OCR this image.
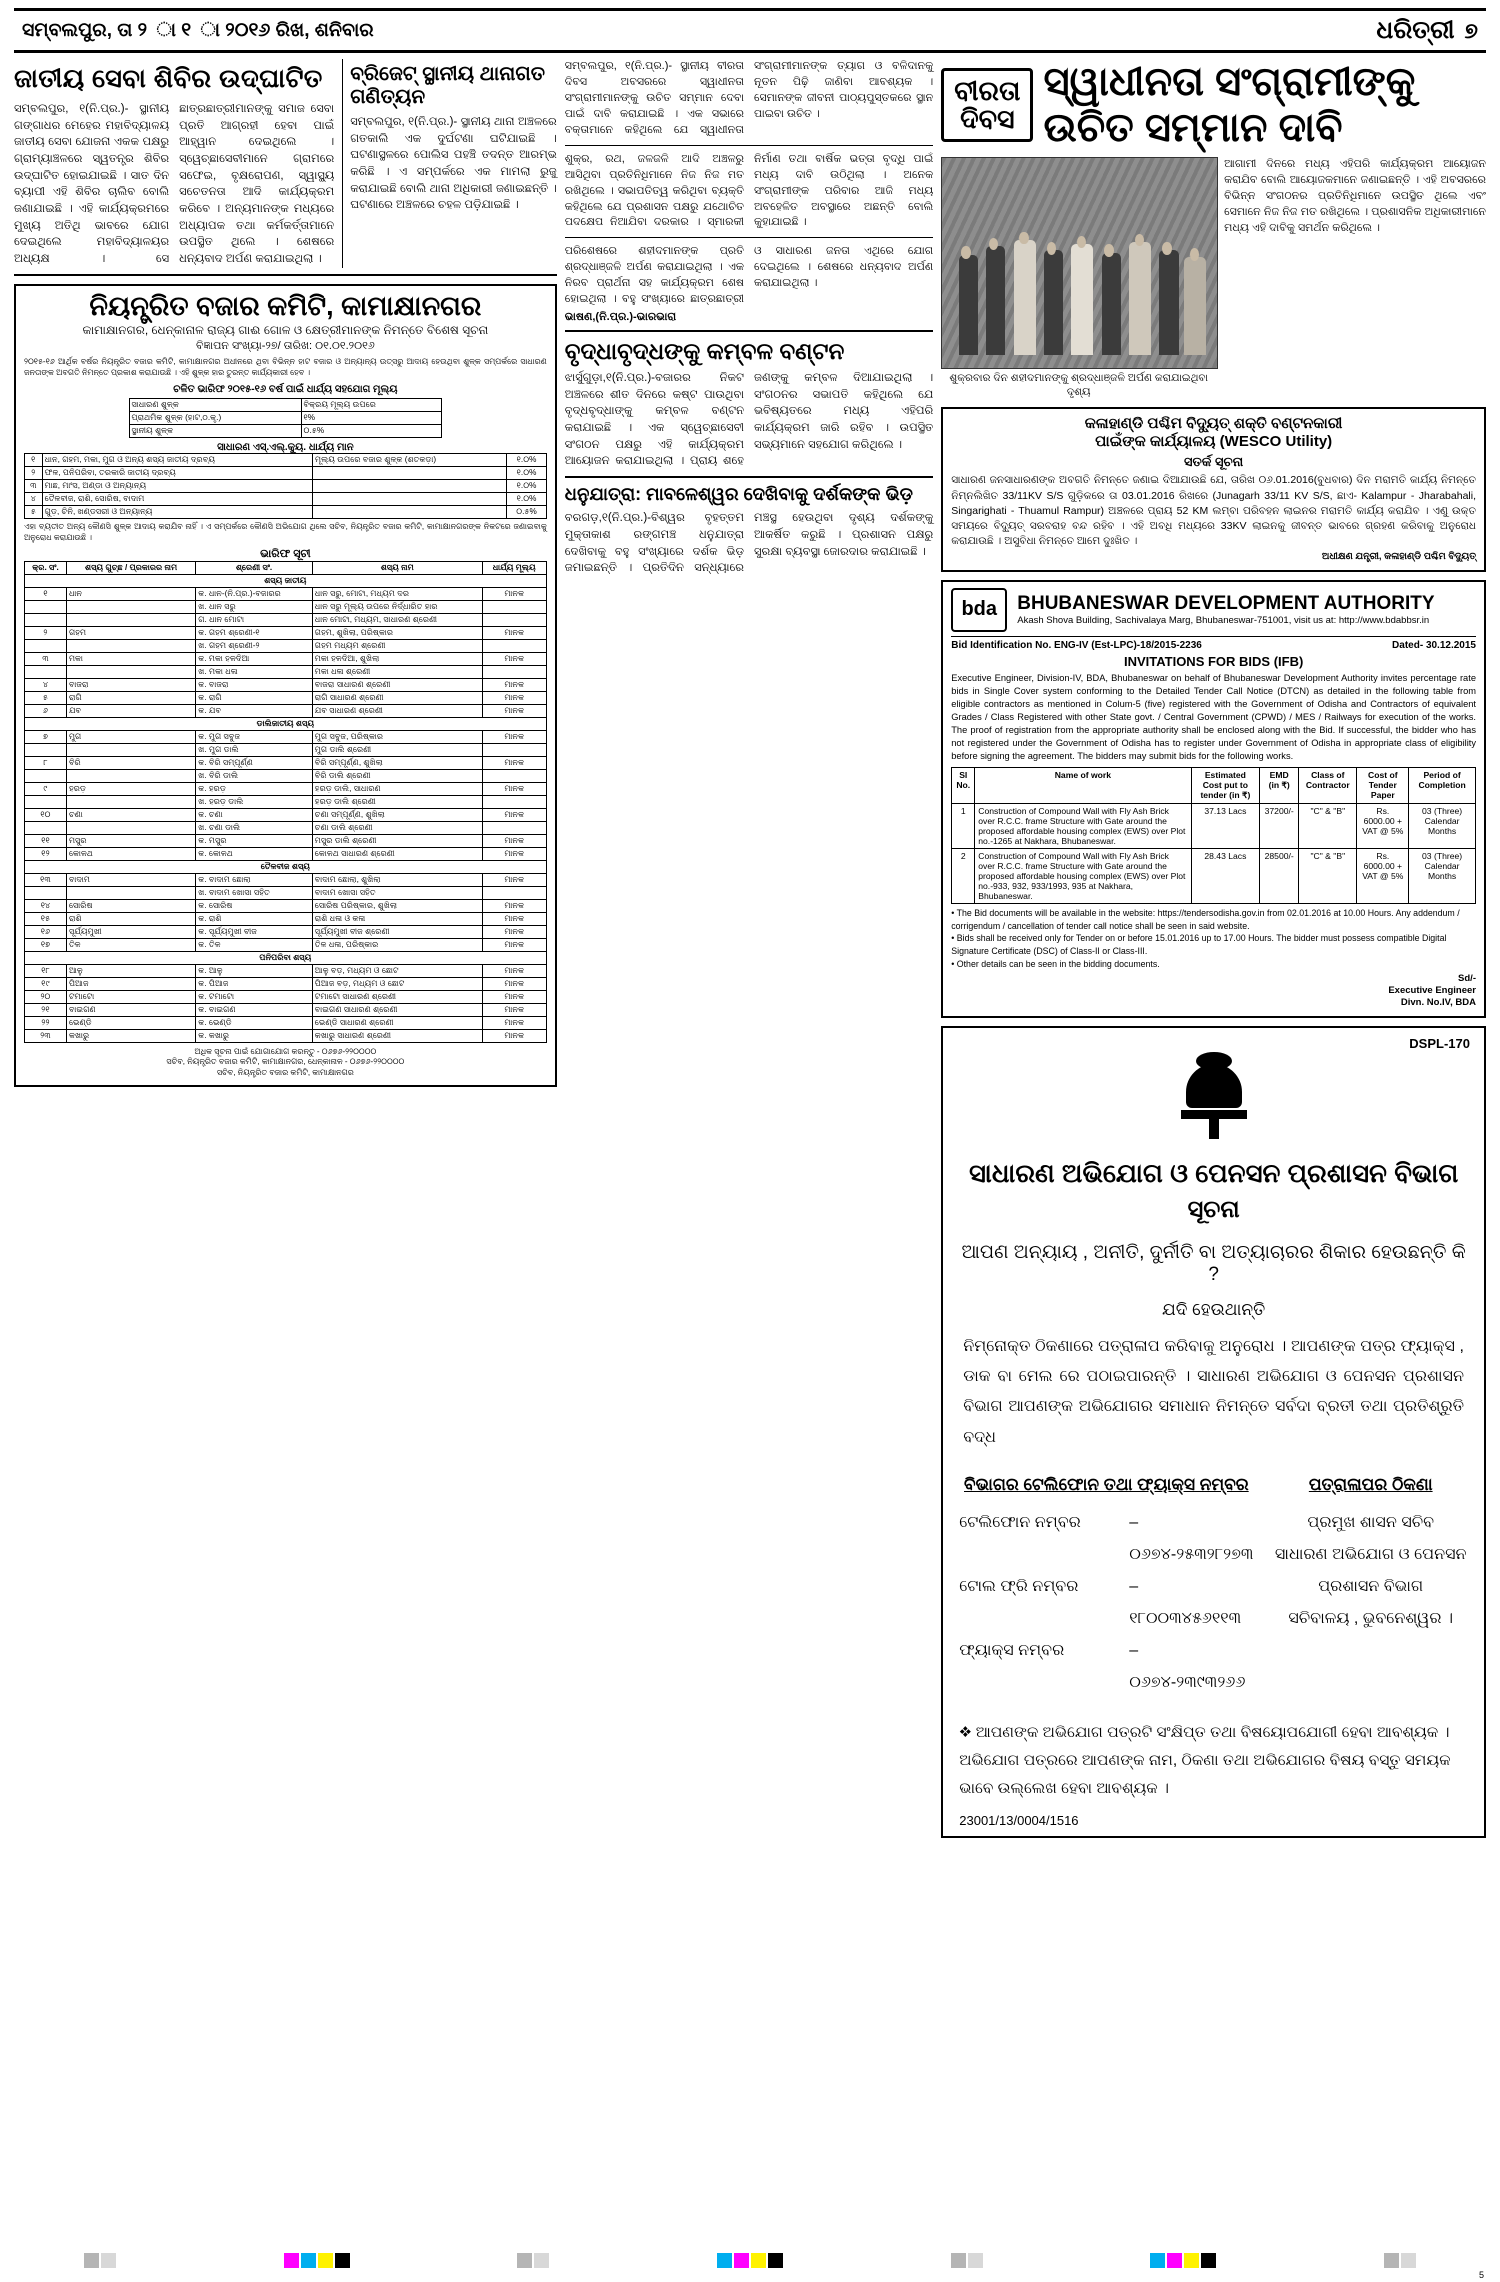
ସମ୍ବଲପୁର, ତା ୨ ା ୧ ା ୨୦୧୬ ରିଖ, ଶନିବାର	ଧରିତ୍ରୀ ୭
ଜାତୀୟ ସେବା ଶିବିର ଉଦ୍‌ଘାଟିତ
ସମ୍ବଲପୁର, ୧(ନି.ପ୍ର.)- ସ୍ଥାନୀୟ ଗଙ୍ଗାଧର ମେହେର ମହାବିଦ୍ୟାଳୟ ଜାତୀୟ ସେବା ଯୋଜନା ଏକକ ପକ୍ଷରୁ ଗ୍ରାମ୍ୟାଞ୍ଚଳରେ ସ୍ୱତନ୍ତ୍ର ଶିବିର ଉଦ୍‌ଘାଟିତ ହୋଇଯାଇଛି । ସାତ ଦିନ ବ୍ୟାପୀ ଏହି ଶିବିର ଚାଲିବ ବୋଲି ଜଣାଯାଇଛି । ଏହି କାର୍ଯ୍ୟକ୍ରମରେ ମୁଖ୍ୟ ଅତିଥି ଭାବରେ ଯୋଗ ଦେଇଥିଲେ ମହାବିଦ୍ୟାଳୟର ଅଧ୍ୟକ୍ଷ । ସେ ଛାତ୍ରଛାତ୍ରୀମାନଙ୍କୁ ସମାଜ ସେବା ପ୍ରତି ଆଗ୍ରହୀ ହେବା ପାଇଁ ଆହ୍ୱାନ ଦେଇଥିଲେ । ସ୍ୱେଚ୍ଛାସେବୀମାନେ ଗ୍ରାମରେ ସଫେଇ, ବୃକ୍ଷରୋପଣ, ସ୍ୱାସ୍ଥ୍ୟ ସଚେତନତା ଆଦି କାର୍ଯ୍ୟକ୍ରମ କରିବେ । ଅନ୍ୟମାନଙ୍କ ମଧ୍ୟରେ ଅଧ୍ୟାପକ ତଥା କର୍ମକର୍ତ୍ତାମାନେ ଉପସ୍ଥିତ ଥିଲେ । ଶେଷରେ ଧନ୍ୟବାଦ ଅର୍ପଣ କରାଯାଇଥିଲା ।
ବ୍ରିଜେଟ୍‌ ସ୍ଥାନୀୟ ଥାନାଗତ ଗଣିତ୍ୟନ
ସମ୍ବଲପୁର, ୧(ନି.ପ୍ର.)- ସ୍ଥାନୀୟ ଥାନା ଅଞ୍ଚଳରେ ଗତକାଲି ଏକ ଦୁର୍ଘଟଣା ଘଟିଯାଇଛି । ଘଟଣାସ୍ଥଳରେ ପୋଲିସ ପହଞ୍ଚି ତଦନ୍ତ ଆରମ୍ଭ କରିଛି । ଏ ସମ୍ପର୍କରେ ଏକ ମାମଲା ରୁଜୁ କରାଯାଇଛି ବୋଲି ଥାନା ଅଧିକାରୀ ଜଣାଇଛନ୍ତି । ଘଟଣାରେ ଅଞ୍ଚଳରେ ଚହଳ ପଡ଼ିଯାଇଛି ।
ନିୟନ୍ତ୍ରିତ ବଜାର କମିଟି, କାମାକ୍ଷାନଗର
କାମାକ୍ଷାନଗର, ଧେନ୍କାନାଳ ରାଜ୍ୟ ଗାଈ ଗୋଳ ଓ କ୍ଷେତ୍ରୀମାନଙ୍କ ନିମନ୍ତେ ବିଶେଷ ସୂଚନା
ବିଜ୍ଞାପନ ସଂଖ୍ୟା-୨୭/ ତାରିଖ: ୦୧.୦୧.୨୦୧୬
୨୦୧୫-୧୬ ଆର୍ଥିକ ବର୍ଷର ନିୟନ୍ତ୍ରିତ ବଜାର କମିଟି, କାମାକ୍ଷାନଗର ଅଧୀନରେ ଥିବା ବିଭିନ୍ନ ହାଟ ବଜାର ଓ ଅନ୍ୟାନ୍ୟ ଉତ୍ସରୁ ଆଦାୟ ହେଉଥିବା ଶୁଳ୍କ ସମ୍ପର୍କରେ ସାଧାରଣ ଜନତାଙ୍କ ଅବଗତି ନିମନ୍ତେ ପ୍ରକାଶ କରାଯାଉଛି । ଏହି ଶୁଳ୍କ ହାର ତୁରନ୍ତ କାର୍ଯ୍ୟକାରୀ ହେବ ।
ଚଳିତ ଭାରିଫ ୨୦୧୫-୧୬ ବର୍ଷ ପାଇଁ ଧାର୍ଯ୍ୟ ସହଯୋଗ ମୂଲ୍ୟ
ସାଧାରଣ ଶୁଳ୍କ	ବିକ୍ରୟ ମୂଲ୍ୟ ଉପରେ
ପ୍ରାଥମିକ ଶୁଳ୍କ (ହାଟ,ଠ.କୃ.)	୧%
ସ୍ଥାନୀୟ ଶୁଳ୍କ	୦.୫%
ସାଧାରଣ ଏସ୍‌.ଏଲ୍‌.କ୍ୟୁ. ଧାର୍ଯ୍ୟ ମାନ
୧	ଧାନ, ଗହମ, ମକା, ମୁଗ ଓ ଅନ୍ୟ ଶସ୍ୟ ଜାତୀୟ ଦ୍ରବ୍ୟ	ମୂଲ୍ୟ ଉପରେ ବଜାର ଶୁଳ୍କ (ଶତକଡ଼ା)	୧.୦%
୨	ଫଳ, ପନିପରିବା, ତରକାରି ଜାତୀୟ ଦ୍ରବ୍ୟ		୧.୦%
୩	ମାଛ, ମାଂସ, ଅଣ୍ଡା ଓ ଅନ୍ୟାନ୍ୟ		୧.୦%
୪	ତୈଳବୀଜ, ରାଶି, ସୋରିଷ, ବାଦାମ		୧.୦%
୫	ଗୁଡ଼, ଚିନି, ଖଣ୍ଡସରୀ ଓ ଅନ୍ୟାନ୍ୟ		୦.୫%
ଏହା ବ୍ୟତୀତ ଅନ୍ୟ କୌଣସି ଶୁଳ୍କ ଆଦାୟ କରାଯିବ ନାହିଁ । ଏ ସମ୍ପର୍କରେ କୌଣସି ଅଭିଯୋଗ ଥିଲେ ସଚିବ, ନିୟନ୍ତ୍ରିତ ବଜାର କମିଟି, କାମାକ୍ଷାନଗରଙ୍କ ନିକଟରେ ଜଣାଇବାକୁ ଅନୁରୋଧ କରାଯାଉଛି ।
ଭାରିଫ ସୂଚୀ
କ୍ର. ସଂ.	ଶସ୍ୟ ଗୁଚ୍ଛ / ପ୍ରକାରର ନାମ	ଶ୍ରେଣୀ ସଂ.	ଶସ୍ୟ ନାମ	ଧାର୍ଯ୍ୟ ମୂଲ୍ୟ
ଶସ୍ୟ ଜାତୀୟ				
୧	ଧାନ	କ. ଧାନ-(ନି.ପ୍ର.)-ବଜାରର	ଧାନ ସରୁ, ମୋଟା, ମଧ୍ୟମ ଦର	ମାନକ
		ଖ. ଧାନ ସରୁ	ଧାନ ସରୁ ମୂଲ୍ୟ ଉପରେ ନିର୍ଦ୍ଧାରିତ ହାର	
		ଗ. ଧାନ ମୋଟା	ଧାନ ମୋଟା, ମଧ୍ୟମ, ସାଧାରଣ ଶ୍ରେଣୀ	
୨	ଗହମ	କ. ଗହମ ଶ୍ରେଣୀ-୧	ଗହମ, ଶୁଖିଲା, ପରିଷ୍କାର	ମାନକ
		ଖ. ଗହମ ଶ୍ରେଣୀ-୨	ଗହମ ମଧ୍ୟମ ଶ୍ରେଣୀ	
୩	ମକା	କ. ମକା ହଳଦିଆ	ମକା ହଳଦିଆ, ଶୁଖିଲା	ମାନକ
		ଖ. ମକା ଧଳା	ମକା ଧଳା ଶ୍ରେଣୀ	
୪	ବାଜରା	କ. ବାଜରା	ବାଜରା ସାଧାରଣ ଶ୍ରେଣୀ	ମାନକ
୫	ରାଗି	କ. ରାଗି	ରାଗି ସାଧାରଣ ଶ୍ରେଣୀ	ମାନକ
୬	ଯବ	କ. ଯବ	ଯବ ସାଧାରଣ ଶ୍ରେଣୀ	ମାନକ
ଡାଲିଜାତୀୟ ଶସ୍ୟ				
୭	ମୁଗ	କ. ମୁଗ ସବୁଜ	ମୁଗ ସବୁଜ, ପରିଷ୍କାର	ମାନକ
		ଖ. ମୁଗ ଡାଲି	ମୁଗ ଡାଲି ଶ୍ରେଣୀ	
୮	ବିରି	କ. ବିରି ସମ୍ପୂର୍ଣ୍ଣ	ବିରି ସମ୍ପୂର୍ଣ୍ଣ, ଶୁଖିଲା	ମାନକ
		ଖ. ବିରି ଡାଲି	ବିରି ଡାଲି ଶ୍ରେଣୀ	
୯	ହରଡ଼	କ. ହରଡ଼	ହରଡ଼ ଡାଲି, ସାଧାରଣ	ମାନକ
		ଖ. ହରଡ଼ ଡାଲି	ହରଡ଼ ଡାଲି ଶ୍ରେଣୀ	
୧୦	ଚଣା	କ. ଚଣା	ଚଣା ସମ୍ପୂର୍ଣ୍ଣ, ଶୁଖିଲା	ମାନକ
		ଖ. ଚଣା ଡାଲି	ଚଣା ଡାଲି ଶ୍ରେଣୀ	
୧୧	ମସୁର	କ. ମସୁର	ମସୁର ଡାଲି ଶ୍ରେଣୀ	ମାନକ
୧୨	କୋଳଥ	କ. କୋଳଥ	କୋଳଥ ସାଧାରଣ ଶ୍ରେଣୀ	ମାନକ
ତୈଳବୀଜ ଶସ୍ୟ				
୧୩	ବାଦାମ	କ. ବାଦାମ ଛୋଲା	ବାଦାମ ଛୋଲା, ଶୁଖିଲା	ମାନକ
		ଖ. ବାଦାମ ଖୋସା ସହିତ	ବାଦାମ ଖୋସା ସହିତ	
୧୪	ସୋରିଷ	କ. ସୋରିଷ	ସୋରିଷ ପରିଷ୍କାର, ଶୁଖିଲା	ମାନକ
୧୫	ରାଶି	କ. ରାଶି	ରାଶି ଧଳା ଓ କଳା	ମାନକ
୧୬	ସୂର୍ଯ୍ୟମୁଖୀ	କ. ସୂର୍ଯ୍ୟମୁଖୀ ବୀଜ	ସୂର୍ଯ୍ୟମୁଖୀ ବୀଜ ଶ୍ରେଣୀ	ମାନକ
୧୭	ତିଳ	କ. ତିଳ	ତିଳ ଧଳା, ପରିଷ୍କାର	ମାନକ
ପନିପରିବା ଶସ୍ୟ				
୧୮	ଆଳୁ	କ. ଆଳୁ	ଆଳୁ ବଡ଼, ମଧ୍ୟମ ଓ ଛୋଟ	ମାନକ
୧୯	ପିଆଜ	କ. ପିଆଜ	ପିଆଜ ବଡ଼, ମଧ୍ୟମ ଓ ଛୋଟ	ମାନକ
୨୦	ଟମାଟୋ	କ. ଟମାଟୋ	ଟମାଟୋ ସାଧାରଣ ଶ୍ରେଣୀ	ମାନକ
୨୧	ବାଇଗଣ	କ. ବାଇଗଣ	ବାଇଗଣ ସାଧାରଣ ଶ୍ରେଣୀ	ମାନକ
୨୨	ଭେଣ୍ଡି	କ. ଭେଣ୍ଡି	ଭେଣ୍ଡି ସାଧାରଣ ଶ୍ରେଣୀ	ମାନକ
୨୩	କଖାରୁ	କ. କଖାରୁ	କଖାରୁ ସାଧାରଣ ଶ୍ରେଣୀ	ମାନକ
ଅଧିକ ସୂଚନା ପାଇଁ ଯୋଗାଯୋଗ କରନ୍ତୁ - ୦୬୭୬-୨୨୦୦୦୦
ସଚିବ, ନିୟନ୍ତ୍ରିତ ବଜାର କମିଟି, କାମାକ୍ଷାନଗର, ଧେନ୍କାନାଳ - ୦୬୭୬-୨୨୦୦୦୦
ସଚିବ, ନିୟନ୍ତ୍ରିତ ବଜାର କମିଟି, କାମାକ୍ଷାନଗର
ସମ୍ବଲପୁର, ୧(ନି.ପ୍ର.)- ସ୍ଥାନୀୟ ବୀରତା ଦିବସ ଅବସରରେ ସ୍ୱାଧୀନତା ସଂଗ୍ରାମୀମାନଙ୍କୁ ଉଚିତ ସମ୍ମାନ ଦେବା ପାଇଁ ଦାବି କରାଯାଇଛି । ଏକ ସଭାରେ ବକ୍ତାମାନେ କହିଥିଲେ ଯେ ସ୍ୱାଧୀନତା ସଂଗ୍ରାମୀମାନଙ୍କ ତ୍ୟାଗ ଓ ବଳିଦାନକୁ ନୂତନ ପିଢ଼ି ଜାଣିବା ଆବଶ୍ୟକ । ସେମାନଙ୍କ ଜୀବନୀ ପାଠ୍ୟପୁସ୍ତକରେ ସ୍ଥାନ ପାଇବା ଉଚିତ ।
ଶୁକ୍ର, ରଥ, ଜଳଜଳି ଆଦି ଅଞ୍ଚଳରୁ ଆସିଥିବା ପ୍ରତିନିଧିମାନେ ନିଜ ନିଜ ମତ ରଖିଥିଲେ । ସଭାପତିତ୍ୱ କରିଥିବା ବ୍ୟକ୍ତି କହିଥିଲେ ଯେ ପ୍ରଶାସନ ପକ୍ଷରୁ ଯଥୋଚିତ ପଦକ୍ଷେପ ନିଆଯିବା ଦରକାର । ସ୍ମାରକୀ ନିର୍ମାଣ ତଥା ବାର୍ଷିକ ଭତ୍ତା ବୃଦ୍ଧି ପାଇଁ ମଧ୍ୟ ଦାବି ଉଠିଥିଲା । ଅନେକ ସଂଗ୍ରାମୀଙ୍କ ପରିବାର ଆଜି ମଧ୍ୟ ଅବହେଳିତ ଅବସ୍ଥାରେ ଅଛନ୍ତି ବୋଲି କୁହାଯାଇଛି ।
ପରିଶେଷରେ ଶହୀଦମାନଙ୍କ ପ୍ରତି ଶ୍ରଦ୍ଧାଞ୍ଜଳି ଅର୍ପଣ କରାଯାଇଥିଲା । ଏକ ନିରବ ପ୍ରାର୍ଥନା ସହ କାର୍ଯ୍ୟକ୍ରମ ଶେଷ ହୋଇଥିଲା । ବହୁ ସଂଖ୍ୟାରେ ଛାତ୍ରଛାତ୍ରୀ ଓ ସାଧାରଣ ଜନତା ଏଥିରେ ଯୋଗ ଦେଇଥିଲେ । ଶେଷରେ ଧନ୍ୟବାଦ ଅର୍ପଣ କରାଯାଇଥିଲା ।
ଭାଷଣ,(ନି.ପ୍ର.)-ଭାରଭାରା
ବୃଦ୍ଧାବୃଦ୍ଧଙ୍କୁ କମ୍ବଳ ବଣ୍ଟନ
ଝାର୍ସୁଗୁଡ଼ା,୧(ନି.ପ୍ର.)-ବଜାରର ନିକଟ ଅଞ୍ଚଳରେ ଶୀତ ଦିନରେ କଷ୍ଟ ପାଉଥିବା ବୃଦ୍ଧବୃଦ୍ଧାଙ୍କୁ କମ୍ବଳ ବଣ୍ଟନ କରାଯାଇଛି । ଏକ ସ୍ୱେଚ୍ଛାସେବୀ ସଂଗଠନ ପକ୍ଷରୁ ଏହି କାର୍ଯ୍ୟକ୍ରମ ଆୟୋଜନ କରାଯାଇଥିଲା । ପ୍ରାୟ ଶହେ ଜଣଙ୍କୁ କମ୍ବଳ ଦିଆଯାଇଥିଲା । ସଂଗଠନର ସଭାପତି କହିଥିଲେ ଯେ ଭବିଷ୍ୟତରେ ମଧ୍ୟ ଏହିପରି କାର୍ଯ୍ୟକ୍ରମ ଜାରି ରହିବ । ଉପସ୍ଥିତ ସଭ୍ୟମାନେ ସହଯୋଗ କରିଥିଲେ ।
ଧନୁଯାତ୍ରା: ମାବଳେଶ୍ୱର ଦେଖିବାକୁ ଦର୍ଶକଙ୍କ ଭିଡ଼
ବରଗଡ଼,୧(ନି.ପ୍ର.)-ବିଶ୍ୱର ବୃହତ୍ତମ ମୁକ୍ତାକାଶ ରଙ୍ଗମଞ୍ଚ ଧନୁଯାତ୍ରା ଦେଖିବାକୁ ବହୁ ସଂଖ୍ୟାରେ ଦର୍ଶକ ଭିଡ଼ ଜମାଇଛନ୍ତି । ପ୍ରତିଦିନ ସନ୍ଧ୍ୟାରେ ମଞ୍ଚସ୍ଥ ହେଉଥିବା ଦୃଶ୍ୟ ଦର୍ଶକଙ୍କୁ ଆକର୍ଷିତ କରୁଛି । ପ୍ରଶାସନ ପକ୍ଷରୁ ସୁରକ୍ଷା ବ୍ୟବସ୍ଥା ଜୋରଦାର କରାଯାଇଛି ।
ବୀରତା
ଦିବସ
ସ୍ୱାଧୀନତା ସଂଗ୍ରାମୀଙ୍କୁ ଉଚିତ ସମ୍ମାନ ଦାବି
ଶୁକ୍ରବାର ଦିନ ଶହୀଦମାନଙ୍କୁ ଶ୍ରଦ୍ଧାଞ୍ଜଳି ଅର୍ପଣ କରାଯାଇଥିବା ଦୃଶ୍ୟ
ଆଗାମୀ ଦିନରେ ମଧ୍ୟ ଏହିପରି କାର୍ଯ୍ୟକ୍ରମ ଆୟୋଜନ କରାଯିବ ବୋଲି ଆୟୋଜକମାନେ ଜଣାଇଛନ୍ତି । ଏହି ଅବସରରେ ବିଭିନ୍ନ ସଂଗଠନର ପ୍ରତିନିଧିମାନେ ଉପସ୍ଥିତ ଥିଲେ ଏବଂ ସେମାନେ ନିଜ ନିଜ ମତ ରଖିଥିଲେ । ପ୍ରଶାସନିକ ଅଧିକାରୀମାନେ ମଧ୍ୟ ଏହି ଦାବିକୁ ସମର୍ଥନ କରିଥିଲେ ।
କଳାହାଣ୍ଡି ପଶ୍ଚିମ ବିଦ୍ୟୁତ୍‌ ଶକ୍ତି ବଣ୍ଟନକାରୀ
ପାଇଁଙ୍କ କାର୍ଯ୍ୟାଳୟ (WESCO Utility)
ସତର୍କ ସୂଚନା
ସାଧାରଣ ଜନସାଧାରଣଙ୍କ ଅବଗତି ନିମନ୍ତେ ଜଣାଇ ଦିଆଯାଉଛି ଯେ, ତାରିଖ ୦୬.01.2016(ବୁଧବାର) ଦିନ ମରାମତି କାର୍ଯ୍ୟ ନିମନ୍ତେ ନିମ୍ନଲିଖିତ 33/11KV S/S ଗୁଡ଼ିକରେ ତା 03.01.2016 ରିଖରେ (Junagarh 33/11 KV S/S, ଛାଏ- Kalampur - Jharabahali, Singarighati - Thuamul Rampur) ଅଞ୍ଚଳରେ ପ୍ରାୟ 52 KM ଲମ୍ବା ପରିବହନ ଲାଇନର ମରାମତି କାର୍ଯ୍ୟ କରାଯିବ । ଏଣୁ ଉକ୍ତ ସମୟରେ ବିଦ୍ୟୁତ୍‌ ସରବରାହ ବନ୍ଦ ରହିବ । ଏହି ଅବଧି ମଧ୍ୟରେ 33KV ଲାଇନକୁ ଜୀବନ୍ତ ଭାବରେ ଗ୍ରହଣ କରିବାକୁ ଅନୁରୋଧ କରାଯାଉଛି । ଅସୁବିଧା ନିମନ୍ତେ ଆମେ ଦୁଃଖିତ ।
ଅଧୀକ୍ଷଣ ଯନ୍ତ୍ରୀ, କଳାହାଣ୍ଡି ପଶ୍ଚିମ ବିଦ୍ୟୁତ୍‌
bda	BHUBANESWAR DEVELOPMENT AUTHORITY
Akash Shova Building, Sachivalaya Marg, Bhubaneswar-751001, visit us at: http://www.bdabbsr.in
Bid Identification No. ENG-IV (Est-LPC)-18/2015-2236	Dated- 30.12.2015
INVITATIONS FOR BIDS (IFB)
Executive Engineer, Division-IV, BDA, Bhubaneswar on behalf of Bhubaneswar Development Authority invites percentage rate bids in Single Cover system conforming to the Detailed Tender Call Notice (DTCN) as detailed in the following table from eligible contractors as mentioned in Colum-5 (five) registered with the Government of Odisha and Contractors of equivalent Grades / Class Registered with other State govt. / Central Government (CPWD) / MES / Railways for execution of the works. The proof of registration from the appropriate authority shall be enclosed along with the Bid. If successful, the bidder who has not registered under the Government of Odisha has to register under Government of Odisha in appropriate class of eligibility before signing the agreement. The bidders may submit bids for the following works.
Sl No.	Name of work	Estimated Cost put to tender (in ₹)	EMD (in ₹)	Class of Contractor	Cost of Tender Paper	Period of Completion
1	Construction of Compound Wall with Fly Ash Brick over R.C.C. frame Structure with Gate around the proposed affordable housing complex (EWS) over Plot no.-1265 at Nakhara, Bhubaneswar.	37.13 Lacs	37200/-	"C" & "B"	Rs. 6000.00 + VAT @ 5%	03 (Three) Calendar Months
2	Construction of Compound Wall with Fly Ash Brick over R.C.C. frame Structure with Gate around the proposed affordable housing complex (EWS) over Plot no.-933, 932, 933/1993, 935 at Nakhara, Bhubaneswar.	28.43 Lacs	28500/-	"C" & "B"	Rs. 6000.00 + VAT @ 5%	03 (Three) Calendar Months
• The Bid documents will be available in the website: https://tendersodisha.gov.in from 02.01.2016 at 10.00 Hours. Any addendum / corrigendum / cancellation of tender call notice shall be seen in said website.
• Bids shall be received only for Tender on or before 15.01.2016 up to 17.00 Hours. The bidder must possess compatible Digital Signature Certificate (DSC) of Class-II or Class-III.
• Other details can be seen in the bidding documents.
Sd/-
Executive Engineer
Divn. No.IV, BDA
DSPL-170
ସାଧାରଣ ଅଭିଯୋଗ ଓ ପେନସନ ପ୍ରଶାସନ ବିଭାଗ
ସୂଚନା
ଆପଣ ଅନ୍ୟାୟ , ଅନୀତି, ଦୁର୍ନୀତି ବା ଅତ୍ୟାଚାରର ଶିକାର ହେଉଛନ୍ତି କି ?
ଯଦି ହେଉଥାନ୍ତି

ନିମ୍ନୋକ୍ତ ଠିକଣାରେ ପତ୍ରାଳାପ କରିବାକୁ ଅନୁରୋଧ । ଆପଣଙ୍କ ପତ୍ର ଫ୍ୟାକ୍ସ , ଡାକ ବା ମେଲ ରେ ପଠାଇପାରନ୍ତି । ସାଧାରଣ ଅଭିଯୋଗ ଓ ପେନସନ ପ୍ରଶାସନ ବିଭାଗ ଆପଣଙ୍କ ଅଭିଯୋଗର ସମାଧାନ ନିମନ୍ତେ ସର୍ବଦା ବ୍ରତୀ ତଥା ପ୍ରତିଶ୍ରୁତି ବଦ୍ଧ

ବିଭାଗର ଟେଲିଫୋନ ତଥା ଫ୍ୟାକ୍ସ ନମ୍ବର
ଟେଲିଫୋନ ନମ୍ବର	– ୦୬୭୪-୨୫୩୨୮୨୭୩
ଟୋଲ ଫ୍ରି ନମ୍ବର	– ୧୮୦୦୩୪୫୬୧୧୩
ଫ୍ୟାକ୍ସ ନମ୍ବର	– ୦୬୭୪-୨୩୯୩୨୬୬
ପତ୍ରାଳାପର ଠିକଣା
ପ୍ରମୁଖ ଶାସନ ସଚିବ
ସାଧାରଣ ଅଭିଯୋଗ ଓ ପେନସନ ପ୍ରଶାସନ ବିଭାଗ
ସଚିବାଳୟ , ଭୁବନେଶ୍ୱର ।
❖ ଆପଣଙ୍କ ଅଭିଯୋଗ ପତ୍ରଟି ସଂକ୍ଷିପ୍ତ ତଥା ବିଷୟୋପଯୋଗୀ ହେବା ଆବଶ୍ୟକ । ଅଭିଯୋଗ ପତ୍ରରେ ଆପଣଙ୍କ ନାମ, ଠିକଣା ତଥା ଅଭିଯୋଗର ବିଷୟ ବସ୍ତୁ ସମୟକ ଭାବେ ଉଲ୍ଲେଖ ହେବା ଆବଶ୍ୟକ ।
23001/13/0004/1516
5
